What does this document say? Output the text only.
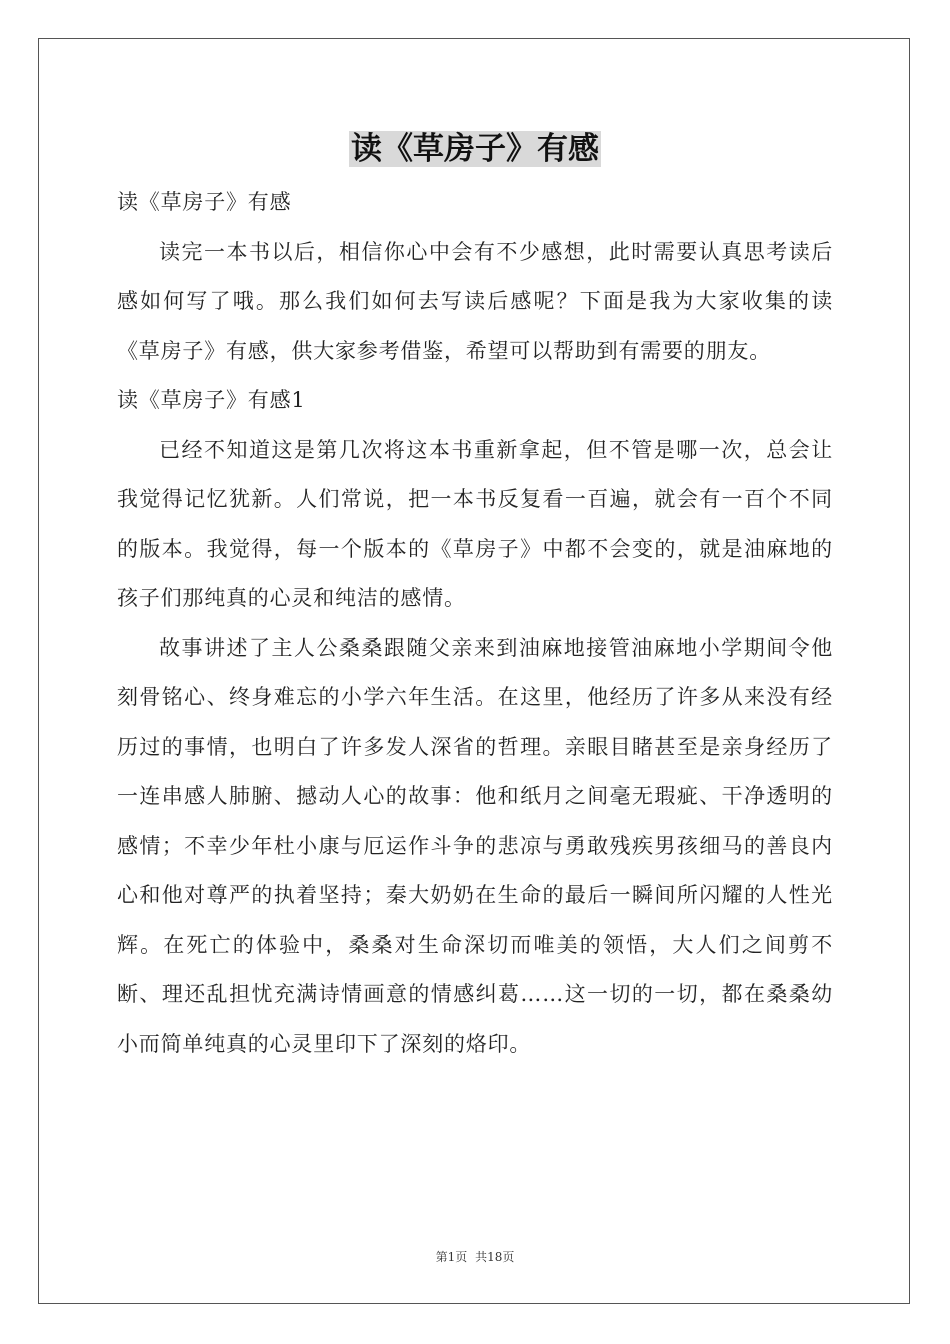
读《草房子》有感

读《草房子》有感

读完一本书以后，相信你心中会有不少感想，此时需要认真思考读后感如何写了哦。那么我们如何去写读后感呢？下面是我为大家收集的读《草房子》有感，供大家参考借鉴，希望可以帮助到有需要的朋友。

读《草房子》有感1

已经不知道这是第几次将这本书重新拿起，但不管是哪一次，总会让我觉得记忆犹新。人们常说，把一本书反复看一百遍，就会有一百个不同的版本。我觉得，每一个版本的《草房子》中都不会变的，就是油麻地的孩子们那纯真的心灵和纯洁的感情。

故事讲述了主人公桑桑跟随父亲来到油麻地接管油麻地小学期间令他刻骨铭心、终身难忘的小学六年生活。在这里，他经历了许多从来没有经历过的事情，也明白了许多发人深省的哲理。亲眼目睹甚至是亲身经历了一连串感人肺腑、撼动人心的故事：他和纸月之间毫无瑕疵、干净透明的感情；不幸少年杜小康与厄运作斗争的悲凉与勇敢残疾男孩细马的善良内心和他对尊严的执着坚持；秦大奶奶在生命的最后一瞬间所闪耀的人性光辉。在死亡的体验中，桑桑对生命深切而唯美的领悟，大人们之间剪不断、理还乱担忧充满诗情画意的情感纠葛……这一切的一切，都在桑桑幼小而简单纯真的心灵里印下了深刻的烙印。

第1页 共18页
